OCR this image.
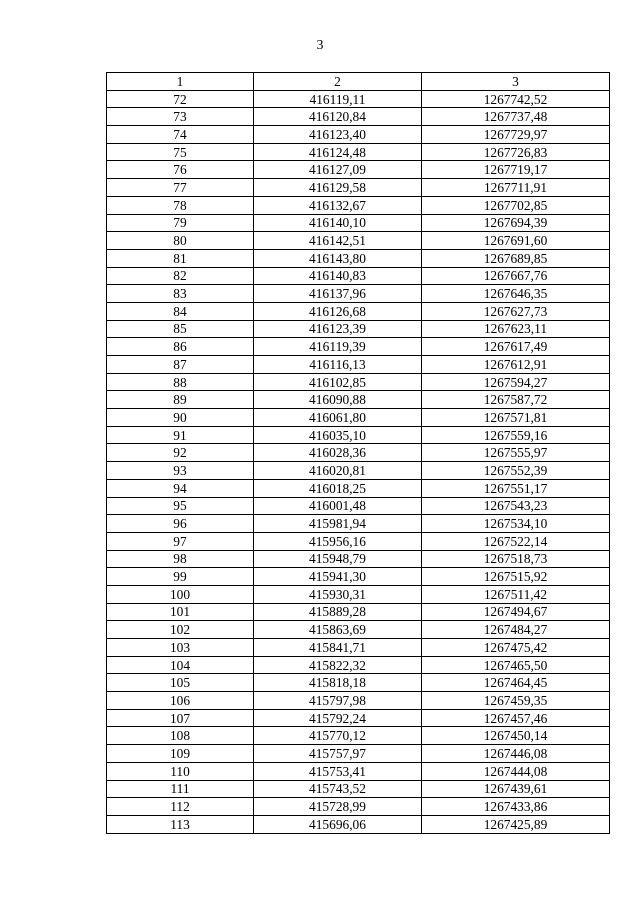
3
1	2	3
72	416119,11	1267742,52
73	416120,84	1267737,48
74	416123,40	1267729,97
75	416124,48	1267726,83
76	416127,09	1267719,17
77	416129,58	1267711,91
78	416132,67	1267702,85
79	416140,10	1267694,39
80	416142,51	1267691,60
81	416143,80	1267689,85
82	416140,83	1267667,76
83	416137,96	1267646,35
84	416126,68	1267627,73
85	416123,39	1267623,11
86	416119,39	1267617,49
87	416116,13	1267612,91
88	416102,85	1267594,27
89	416090,88	1267587,72
90	416061,80	1267571,81
91	416035,10	1267559,16
92	416028,36	1267555,97
93	416020,81	1267552,39
94	416018,25	1267551,17
95	416001,48	1267543,23
96	415981,94	1267534,10
97	415956,16	1267522,14
98	415948,79	1267518,73
99	415941,30	1267515,92
100	415930,31	1267511,42
101	415889,28	1267494,67
102	415863,69	1267484,27
103	415841,71	1267475,42
104	415822,32	1267465,50
105	415818,18	1267464,45
106	415797,98	1267459,35
107	415792,24	1267457,46
108	415770,12	1267450,14
109	415757,97	1267446,08
110	415753,41	1267444,08
111	415743,52	1267439,61
112	415728,99	1267433,86
113	415696,06	1267425,89
